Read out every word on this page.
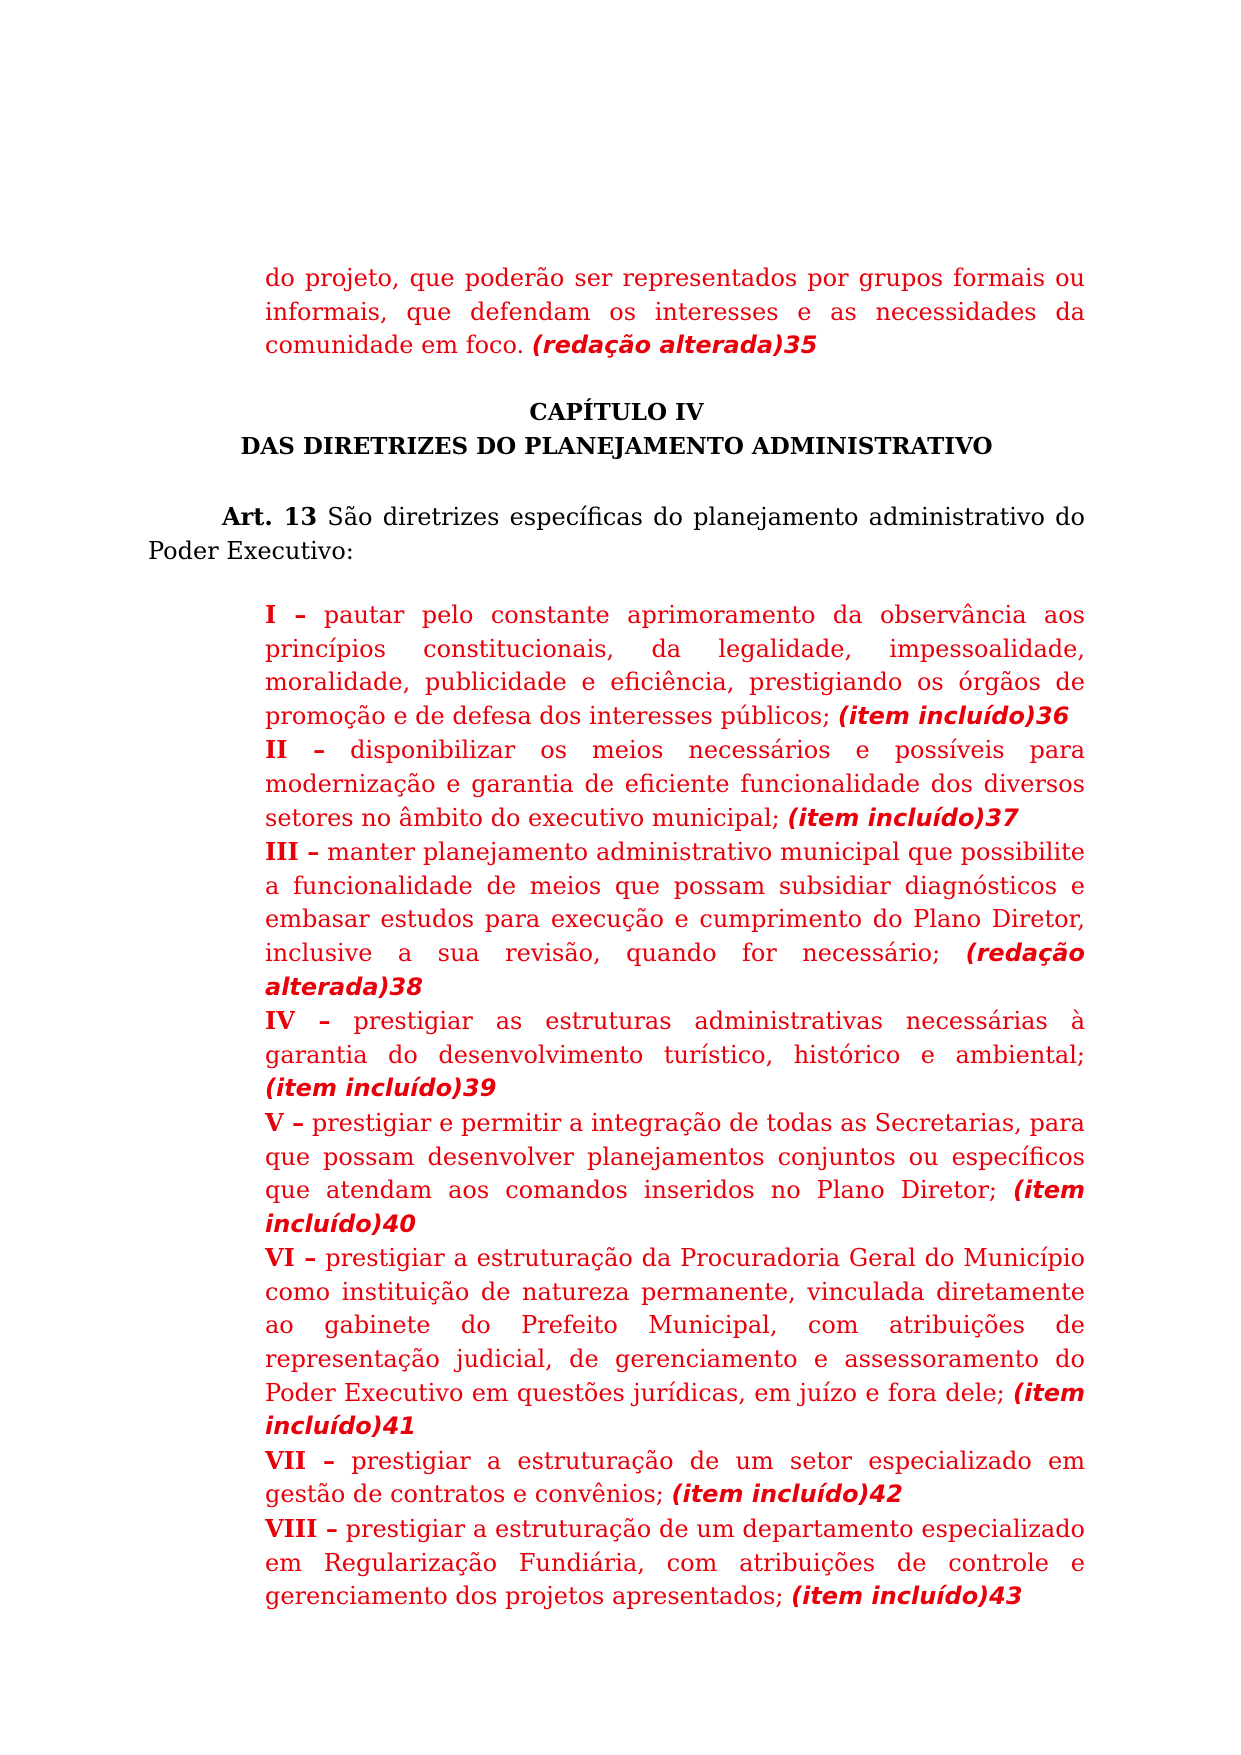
do projeto, que poderão ser representados por grupos formais ou informais, que defendam os interesses e as necessidades da comunidade em foco. (redação alterada)35
CAPÍTULO IV
DAS DIRETRIZES DO PLANEJAMENTO ADMINISTRATIVO
Art. 13 São diretrizes específicas do planejamento administrativo do Poder Executivo:

I – pautar pelo constante aprimoramento da observância aos princípios constitucionais, da legalidade, impessoalidade, moralidade, publicidade e eficiência, prestigiando os órgãos de promoção e de defesa dos interesses públicos; (item incluído)36

II – disponibilizar os meios necessários e possíveis para modernização e garantia de eficiente funcionalidade dos diversos setores no âmbito do executivo municipal; (item incluído)37

III – manter planejamento administrativo municipal que possibilite a funcionalidade de meios que possam subsidiar diagnósticos e embasar estudos para execução e cumprimento do Plano Diretor, inclusive a sua revisão, quando for necessário; (redação alterada)38

IV – prestigiar as estruturas administrativas necessárias à garantia do desenvolvimento turístico, histórico e ambiental; (item incluído)39

V – prestigiar e permitir a integração de todas as Secretarias, para que possam desenvolver planejamentos conjuntos ou específicos que atendam aos comandos inseridos no Plano Diretor; (item incluído)40

VI – prestigiar a estruturação da Procuradoria Geral do Município como instituição de natureza permanente, vinculada diretamente ao gabinete do Prefeito Municipal, com atribuições de representação judicial, de gerenciamento e assessoramento do Poder Executivo em questões jurídicas, em juízo e fora dele; (item incluído)41

VII – prestigiar a estruturação de um setor especializado em gestão de contratos e convênios; (item incluído)42

VIII – prestigiar a estruturação de um departamento especializado em Regularização Fundiária, com atribuições de controle e gerenciamento dos projetos apresentados; (item incluído)43
